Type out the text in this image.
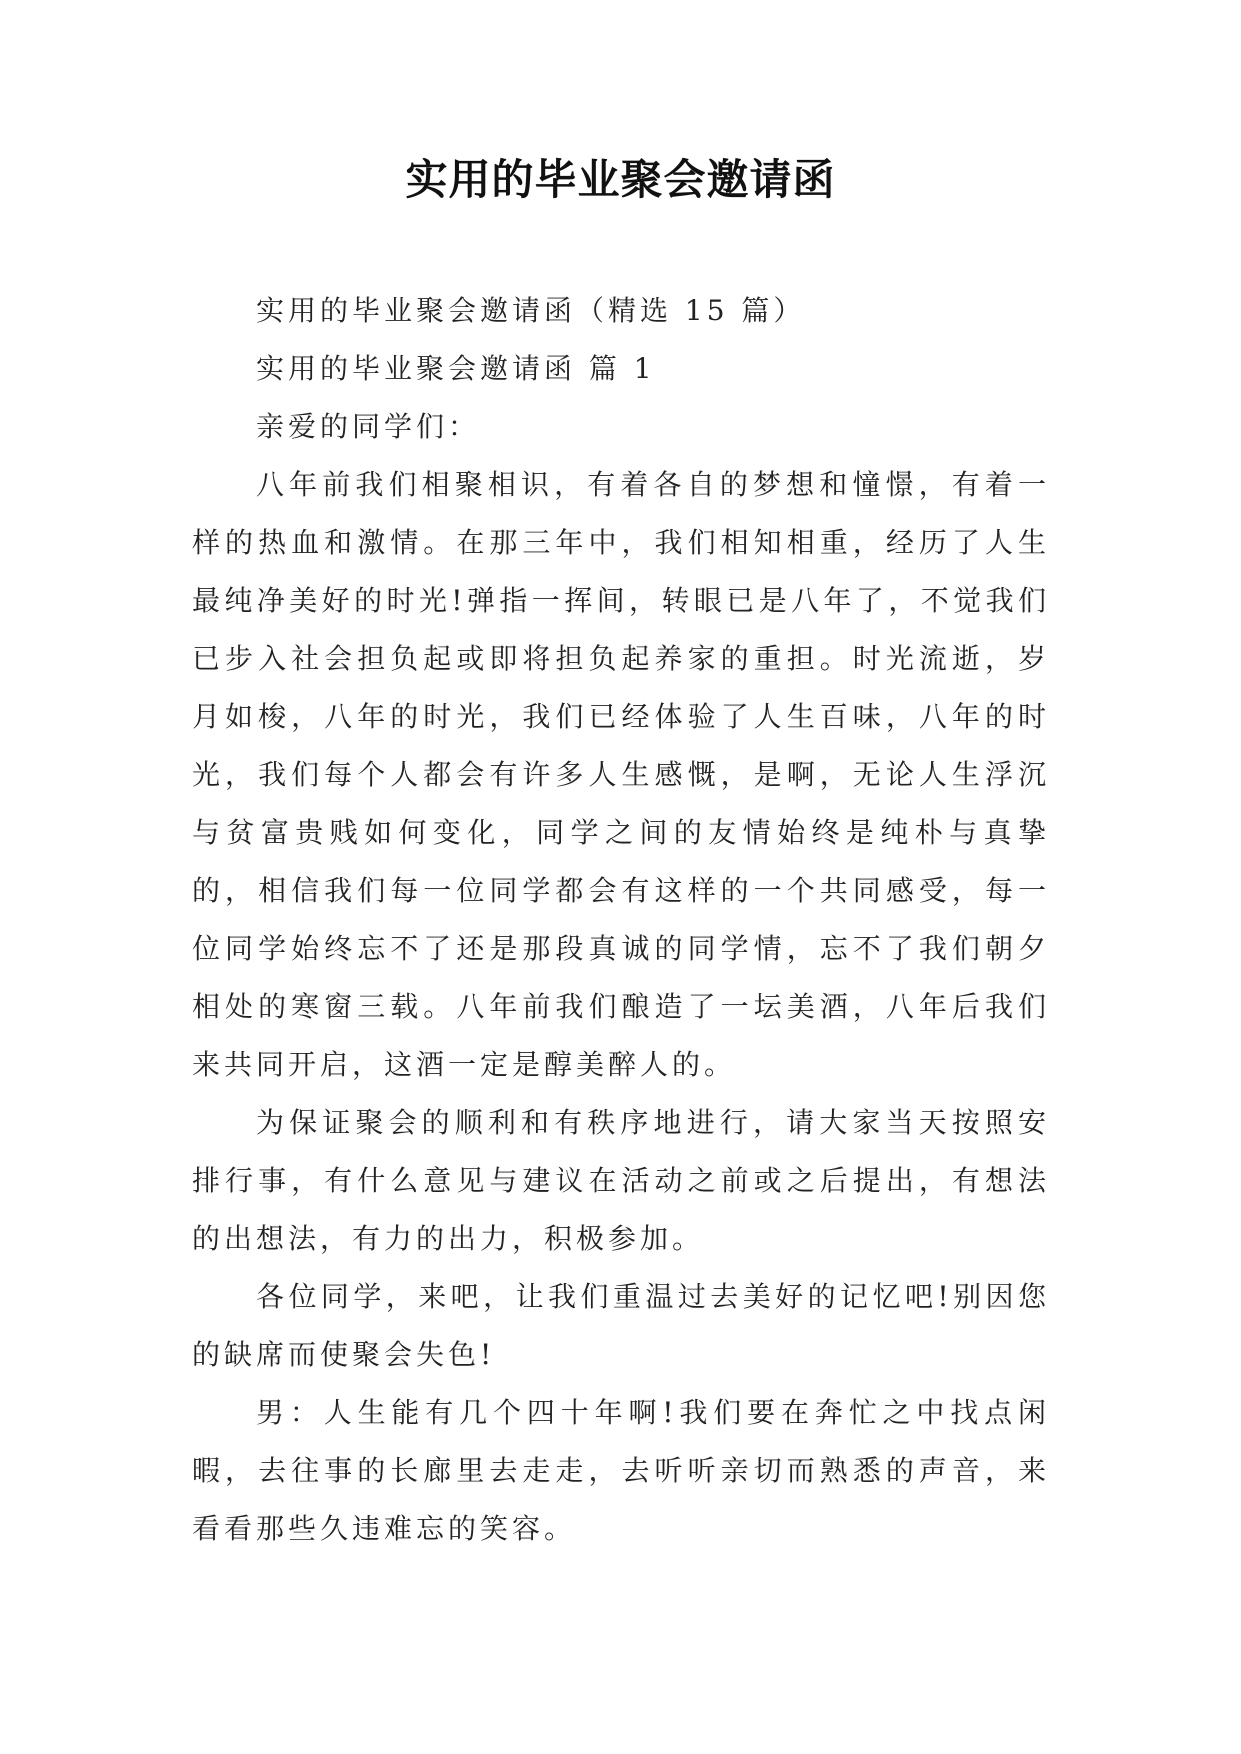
实用的毕业聚会邀请函

实用的毕业聚会邀请函（精选 15 篇）

实用的毕业聚会邀请函 篇 1

亲爱的同学们：

八年前我们相聚相识，有着各自的梦想和憧憬，有着一样的热血和激情。在那三年中，我们相知相重，经历了人生最纯净美好的时光!弹指一挥间，转眼已是八年了，不觉我们已步入社会担负起或即将担负起养家的重担。时光流逝，岁月如梭，八年的时光，我们已经体验了人生百味，八年的时光，我们每个人都会有许多人生感慨，是啊，无论人生浮沉与贫富贵贱如何变化，同学之间的友情始终是纯朴与真挚的，相信我们每一位同学都会有这样的一个共同感受，每一位同学始终忘不了还是那段真诚的同学情，忘不了我们朝夕相处的寒窗三载。八年前我们酿造了一坛美酒，八年后我们来共同开启，这酒一定是醇美醉人的。

为保证聚会的顺利和有秩序地进行，请大家当天按照安排行事，有什么意见与建议在活动之前或之后提出，有想法的出想法，有力的出力，积极参加。

各位同学，来吧，让我们重温过去美好的记忆吧!别因您的缺席而使聚会失色!

男：人生能有几个四十年啊!我们要在奔忙之中找点闲暇，去往事的长廊里去走走，去听听亲切而熟悉的声音，来看看那些久违难忘的笑容。
